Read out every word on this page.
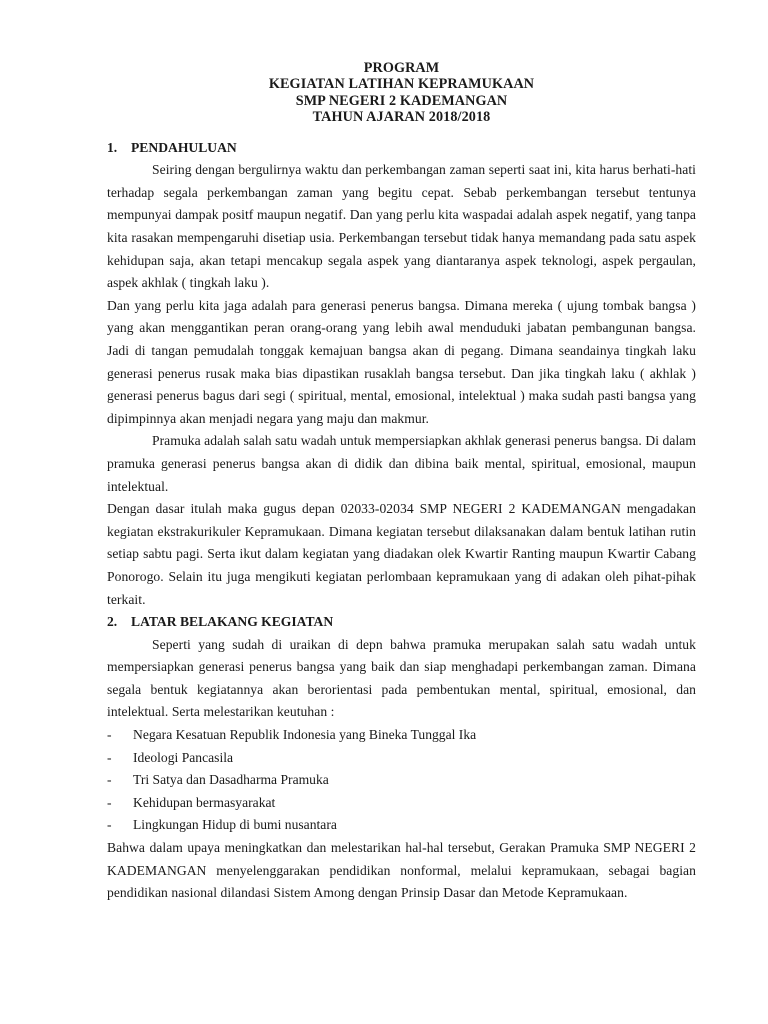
PROGRAM
KEGIATAN LATIHAN KEPRAMUKAAN
SMP NEGERI 2 KADEMANGAN
TAHUN AJARAN 2018/2018
1.	PENDAHULUAN

Seiring dengan bergulirnya waktu dan perkembangan zaman seperti saat ini, kita harus berhati-hati terhadap segala perkembangan zaman yang begitu cepat. Sebab perkembangan tersebut tentunya mempunyai dampak positf maupun negatif. Dan yang perlu kita waspadai adalah aspek negatif, yang tanpa kita rasakan mempengaruhi disetiap usia. Perkembangan tersebut tidak hanya memandang pada satu aspek kehidupan saja, akan tetapi mencakup segala aspek yang diantaranya aspek teknologi, aspek pergaulan, aspek akhlak ( tingkah laku ).

Dan yang perlu kita jaga adalah para generasi penerus bangsa. Dimana mereka ( ujung tombak bangsa ) yang akan menggantikan peran orang-orang yang lebih awal menduduki jabatan pembangunan bangsa. Jadi di tangan pemudalah tonggak kemajuan bangsa akan di pegang. Dimana seandainya tingkah laku generasi penerus rusak maka bias dipastikan rusaklah bangsa tersebut. Dan jika tingkah laku ( akhlak ) generasi penerus bagus dari segi ( spiritual, mental, emosional, intelektual ) maka sudah pasti bangsa yang dipimpinnya akan menjadi negara yang maju dan makmur.

Pramuka adalah salah satu wadah untuk mempersiapkan akhlak generasi penerus bangsa. Di dalam pramuka generasi penerus bangsa akan di didik dan dibina baik mental, spiritual, emosional, maupun intelektual.

Dengan dasar itulah maka gugus depan 02033-02034 SMP NEGERI 2 KADEMANGAN mengadakan kegiatan ekstrakurikuler Kepramukaan. Dimana kegiatan tersebut dilaksanakan dalam bentuk latihan rutin setiap sabtu pagi. Serta ikut dalam kegiatan yang diadakan olek Kwartir Ranting maupun Kwartir Cabang Ponorogo. Selain itu juga mengikuti kegiatan perlombaan kepramukaan yang di adakan oleh pihat-pihak terkait.

2.	LATAR BELAKANG KEGIATAN

Seperti yang sudah di uraikan di depn bahwa pramuka merupakan salah satu wadah untuk mempersiapkan generasi penerus bangsa yang baik dan siap menghadapi perkembangan zaman. Dimana segala bentuk kegiatannya akan berorientasi pada pembentukan mental, spiritual, emosional, dan intelektual. Serta melestarikan keutuhan :

-	Negara Kesatuan Republik Indonesia yang Bineka Tunggal Ika
-	Ideologi Pancasila
-	Tri Satya dan Dasadharma Pramuka
-	Kehidupan bermasyarakat
-	Lingkungan Hidup di bumi nusantara

Bahwa dalam upaya meningkatkan dan melestarikan hal-hal tersebut, Gerakan Pramuka SMP NEGERI 2 KADEMANGAN menyelenggarakan pendidikan nonformal, melalui kepramukaan, sebagai bagian pendidikan nasional dilandasi Sistem Among dengan Prinsip Dasar dan Metode Kepramukaan.
